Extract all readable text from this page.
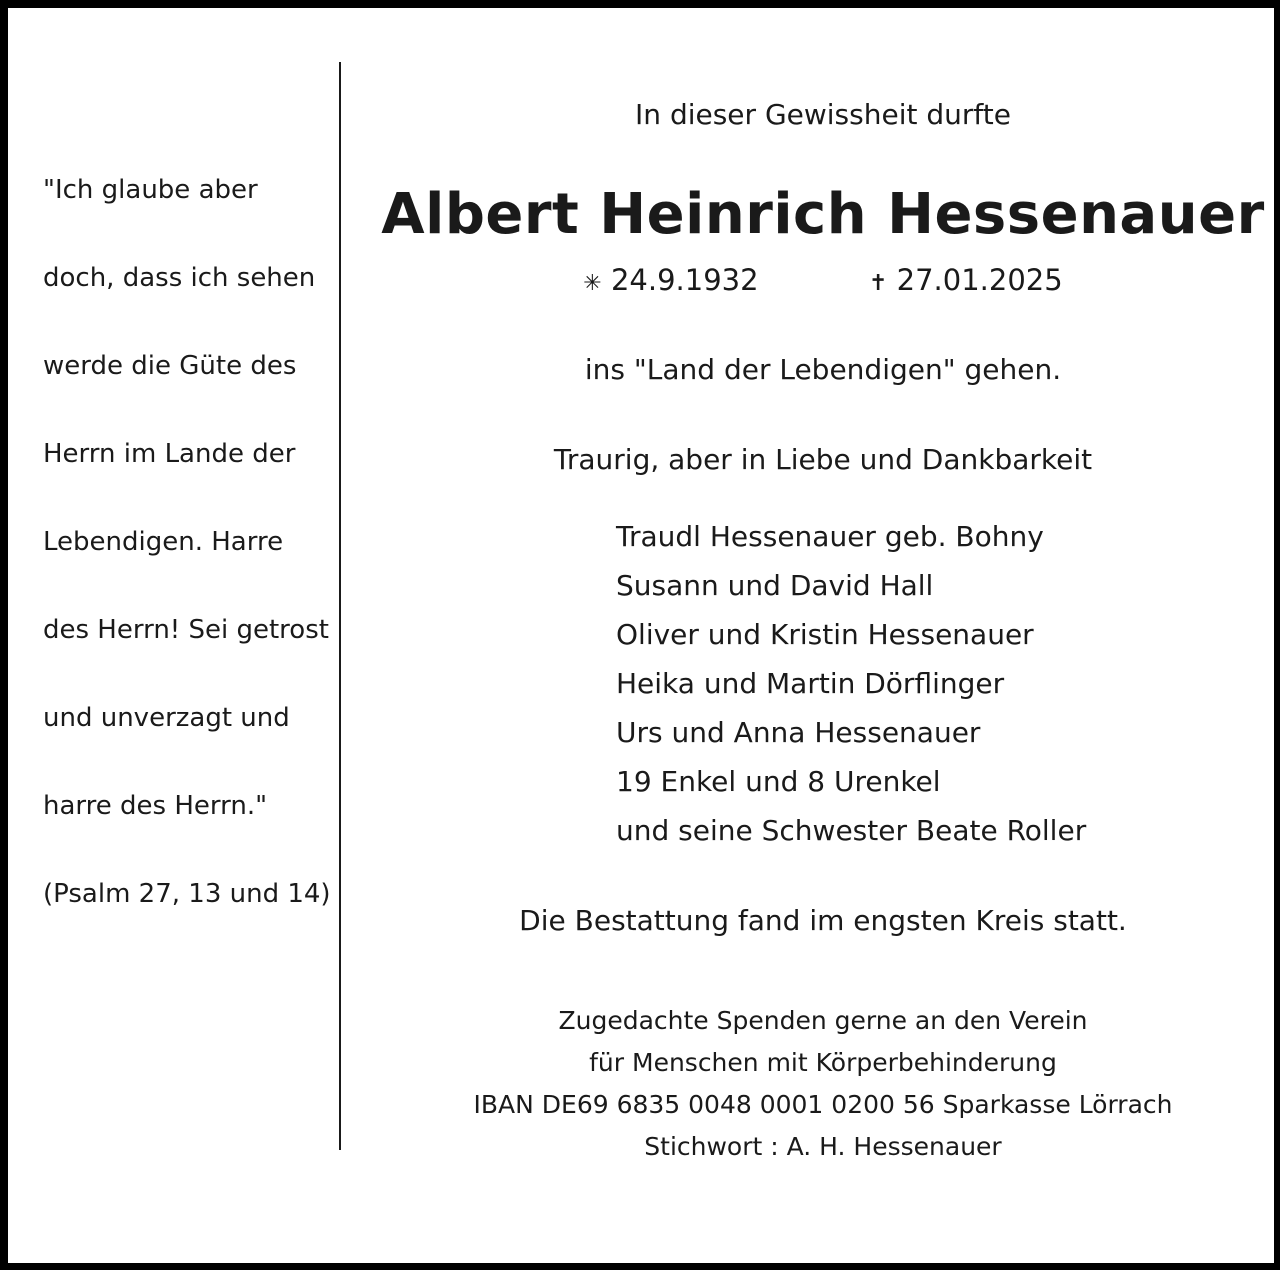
"Ich glaube aber
doch, dass ich sehen
werde die Güte des
Herrn im Lande der
Lebendigen. Harre
des Herrn! Sei getrost
und unverzagt und
harre des Herrn."
(Psalm 27, 13 und 14)
In dieser Gewissheit durfte
Albert Heinrich Hessenauer
✳ 24.9.1932	✝ 27.01.2025
ins "Land der Lebendigen" gehen.
Traurig, aber in Liebe und Dankbarkeit
Traudl Hessenauer geb. Bohny
Susann und David Hall
Oliver und Kristin Hessenauer
Heika und Martin Dörflinger
Urs und Anna Hessenauer
19 Enkel und 8 Urenkel
und seine Schwester Beate Roller
Die Bestattung fand im engsten Kreis statt.
Zugedachte Spenden gerne an den Verein
für Menschen mit Körperbehinderung
IBAN DE69 6835 0048 0001 0200 56 Sparkasse Lörrach
Stichwort : A. H. Hessenauer
